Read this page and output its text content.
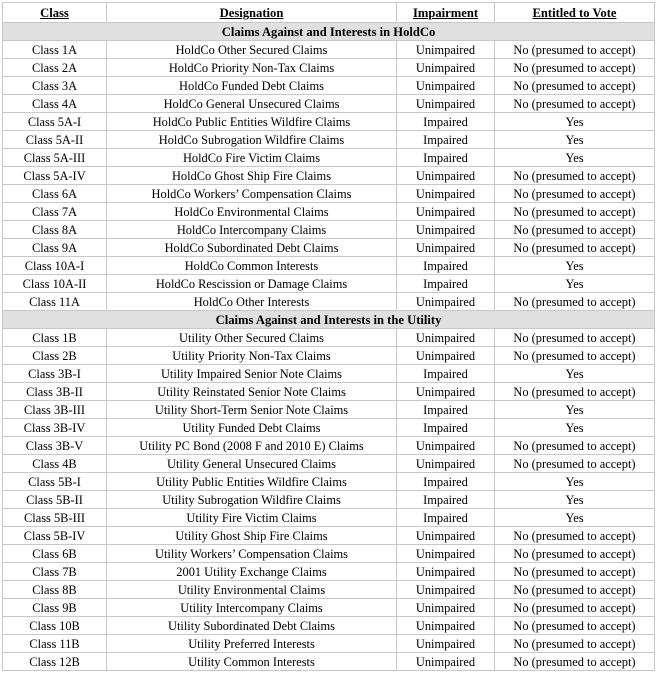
Class	Designation	Impairment	Entitled to Vote
Claims Against and Interests in HoldCo			
Class 1A	HoldCo Other Secured Claims	Unimpaired	No (presumed to accept)
Class 2A	HoldCo Priority Non-Tax Claims	Unimpaired	No (presumed to accept)
Class 3A	HoldCo Funded Debt Claims	Unimpaired	No (presumed to accept)
Class 4A	HoldCo General Unsecured Claims	Unimpaired	No (presumed to accept)
Class 5A-I	HoldCo Public Entities Wildfire Claims	Impaired	Yes
Class 5A-II	HoldCo Subrogation Wildfire Claims	Impaired	Yes
Class 5A-III	HoldCo Fire Victim Claims	Impaired	Yes
Class 5A-IV	HoldCo Ghost Ship Fire Claims	Unimpaired	No (presumed to accept)
Class 6A	HoldCo Workers’ Compensation Claims	Unimpaired	No (presumed to accept)
Class 7A	HoldCo Environmental Claims	Unimpaired	No (presumed to accept)
Class 8A	HoldCo Intercompany Claims	Unimpaired	No (presumed to accept)
Class 9A	HoldCo Subordinated Debt Claims	Unimpaired	No (presumed to accept)
Class 10A-I	HoldCo Common Interests	Impaired	Yes
Class 10A-II	HoldCo Rescission or Damage Claims	Impaired	Yes
Class 11A	HoldCo Other Interests	Unimpaired	No (presumed to accept)
Claims Against and Interests in the Utility			
Class 1B	Utility Other Secured Claims	Unimpaired	No (presumed to accept)
Class 2B	Utility Priority Non-Tax Claims	Unimpaired	No (presumed to accept)
Class 3B-I	Utility Impaired Senior Note Claims	Impaired	Yes
Class 3B-II	Utility Reinstated Senior Note Claims	Unimpaired	No (presumed to accept)
Class 3B-III	Utility Short-Term Senior Note Claims	Impaired	Yes
Class 3B-IV	Utility Funded Debt Claims	Impaired	Yes
Class 3B-V	Utility PC Bond (2008 F and 2010 E) Claims	Unimpaired	No (presumed to accept)
Class 4B	Utility General Unsecured Claims	Unimpaired	No (presumed to accept)
Class 5B-I	Utility Public Entities Wildfire Claims	Impaired	Yes
Class 5B-II	Utility Subrogation Wildfire Claims	Impaired	Yes
Class 5B-III	Utility Fire Victim Claims	Impaired	Yes
Class 5B-IV	Utility Ghost Ship Fire Claims	Unimpaired	No (presumed to accept)
Class 6B	Utility Workers’ Compensation Claims	Unimpaired	No (presumed to accept)
Class 7B	2001 Utility Exchange Claims	Unimpaired	No (presumed to accept)
Class 8B	Utility Environmental Claims	Unimpaired	No (presumed to accept)
Class 9B	Utility Intercompany Claims	Unimpaired	No (presumed to accept)
Class 10B	Utility Subordinated Debt Claims	Unimpaired	No (presumed to accept)
Class 11B	Utility Preferred Interests	Unimpaired	No (presumed to accept)
Class 12B	Utility Common Interests	Unimpaired	No (presumed to accept)
